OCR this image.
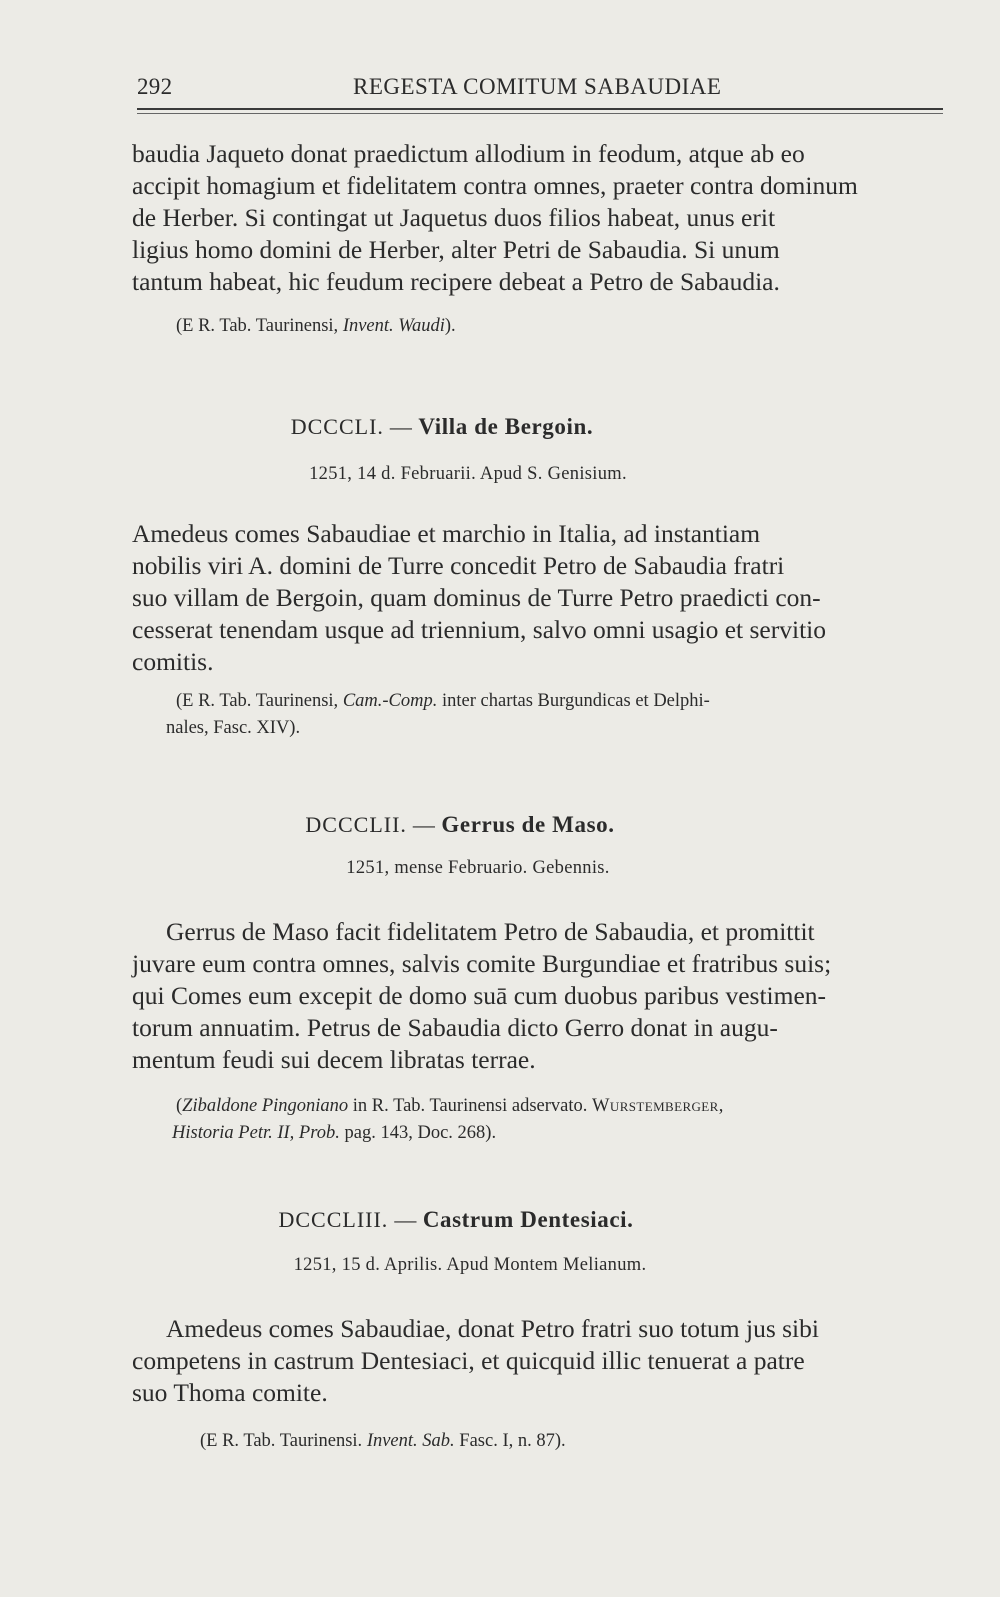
292	REGESTA COMITUM SABAUDIAE

baudia Jaqueto donat praedictum allodium in feodum, atque ab eo

accipit homagium et fidelitatem contra omnes, praeter contra dominum

de Herber. Si contingat ut Jaquetus duos filios habeat, unus erit

ligius homo domini de Herber, alter Petri de Sabaudia. Si unum

tantum habeat, hic feudum recipere debeat a Petro de Sabaudia.

(E R. Tab. Taurinensi, Invent. Waudi).
DCCCLI. — Villa de Bergoin.
1251, 14 d. Februarii. Apud S. Genisium.

Amedeus comes Sabaudiae et marchio in Italia, ad instantiam

nobilis viri A. domini de Turre concedit Petro de Sabaudia fratri

suo villam de Bergoin, quam dominus de Turre Petro praedicti con-

cesserat tenendam usque ad triennium, salvo omni usagio et servitio

comitis.

(E R. Tab. Taurinensi, Cam.-Comp. inter chartas Burgundicas et Delphi-
nales, Fasc. XIV).
DCCCLII. — Gerrus de Maso.
1251, mense Februario. Gebennis.

Gerrus de Maso facit fidelitatem Petro de Sabaudia, et promittit

juvare eum contra omnes, salvis comite Burgundiae et fratribus suis;

qui Comes eum excepit de domo suā cum duobus paribus vestimen-

torum annuatim. Petrus de Sabaudia dicto Gerro donat in augu-

mentum feudi sui decem libratas terrae.

(Zibaldone Pingoniano in R. Tab. Taurinensi adservato. Wurstemberger,
Historia Petr. II, Prob. pag. 143, Doc. 268).
DCCCLIII. — Castrum Dentesiaci.
1251, 15 d. Aprilis. Apud Montem Melianum.

Amedeus comes Sabaudiae, donat Petro fratri suo totum jus sibi

competens in castrum Dentesiaci, et quicquid illic tenuerat a patre

suo Thoma comite.

(E R. Tab. Taurinensi. Invent. Sab. Fasc. I, n. 87).
